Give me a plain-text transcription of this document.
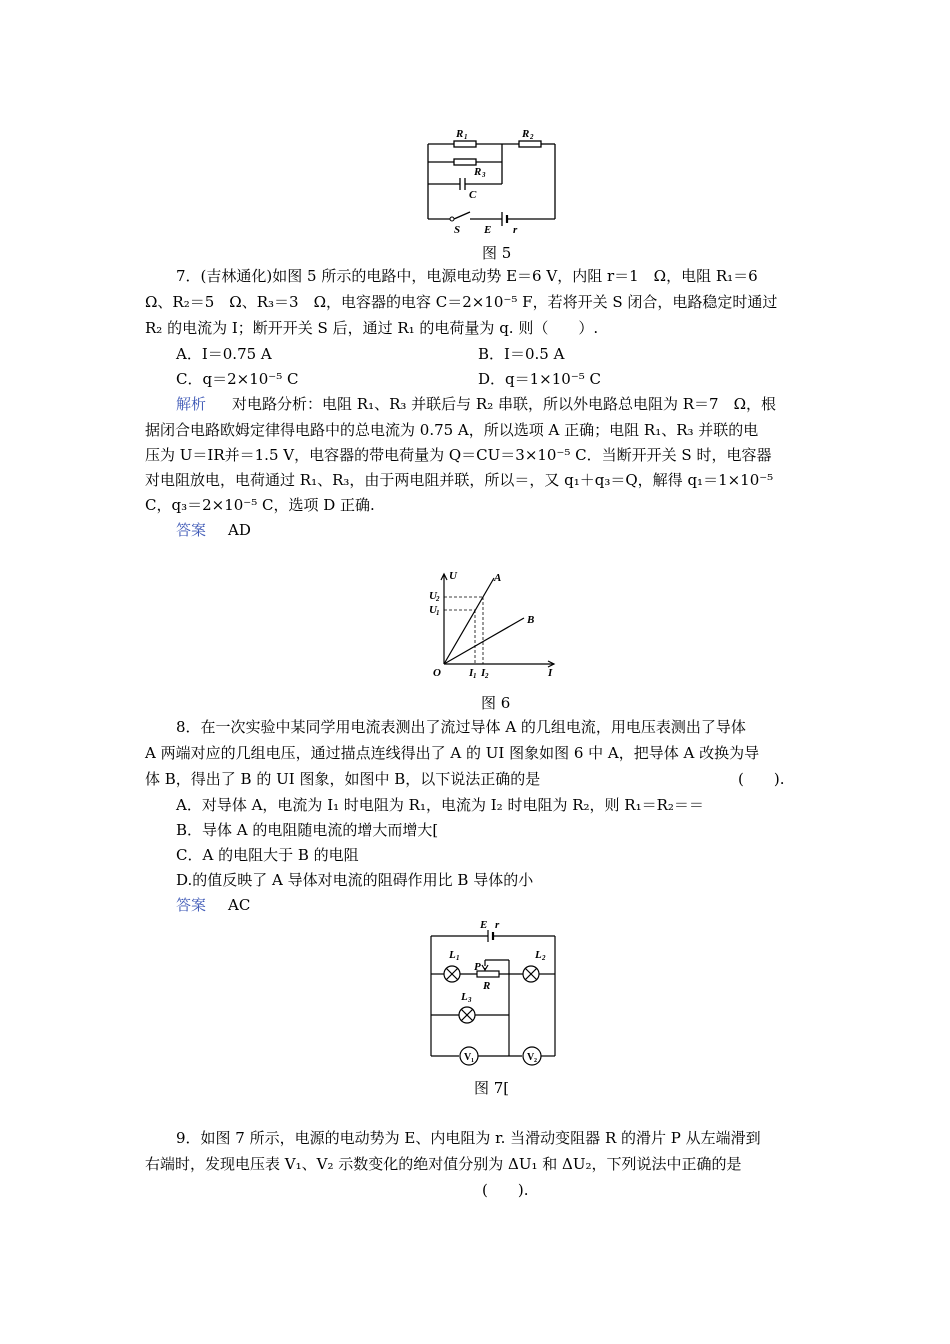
R 1	R 2
R 3
C
S E r
图 5
7．(吉林通化)如图 5 所示的电路中，电源电动势 E＝6 V，内阻 r＝1　Ω，电阻 R₁＝6
Ω、R₂＝5　Ω、R₃＝3　Ω，电容器的电容 C＝2×10⁻⁵ F，若将开关 S 闭合，电路稳定时通过
R₂ 的电流为 I；断开开关 S 后，通过 R₁ 的电荷量为 q. 则（　　）.
A．I＝0.75 A	B．I＝0.5 A
C．q＝2×10⁻⁵ C	D．q＝1×10⁻⁵ C
解析 对电路分析：电阻 R₁、R₃ 并联后与 R₂ 串联，所以外电路总电阻为 R＝7　Ω，根
据闭合电路欧姆定律得电路中的总电流为 0.75 A，所以选项 A 正确；电阻 R₁、R₃ 并联的电
压为 U＝IR并＝1.5 V，电容器的带电荷量为 Q＝CU＝3×10⁻⁵ C．当断开开关 S 时，电容器
对电阻放电，电荷通过 R₁、R₃，由于两电阻并联，所以＝，又 q₁＋q₃＝Q，解得 q₁＝1×10⁻⁵
C，q₃＝2×10⁻⁵ C，选项 D 正确.
答案 AD
U
I
O
A
B
U 2
U 1
I 1 I 2
图 6
8．在一次实验中某同学用电流表测出了流过导体 A 的几组电流，用电压表测出了导体
A 两端对应的几组电压，通过描点连线得出了 A 的 UI 图象如图 6 中 A，把导体 A 改换为导
体 B，得出了 B 的 UI 图象，如图中 B，以下说法正确的是	(　　).
A．对导体 A，电流为 I₁ 时电阻为 R₁，电流为 I₂ 时电阻为 R₂，则 R₁＝R₂＝＝
B．导体 A 的电阻随电流的增大而增大[
C．A 的电阻大于 B 的电阻
D.的值反映了 A 导体对电流的阻碍作用比 B 导体的小
答案 AC
E r
L 1	L 2
L 3
P
R
V 1	V 2
图 7[
9．如图 7 所示，电源的电动势为 E、内电阻为 r. 当滑动变阻器 R 的滑片 P 从左端滑到
右端时，发现电压表 V₁、V₂ 示数变化的绝对值分别为 ΔU₁ 和 ΔU₂，下列说法中正确的是
(　　).
